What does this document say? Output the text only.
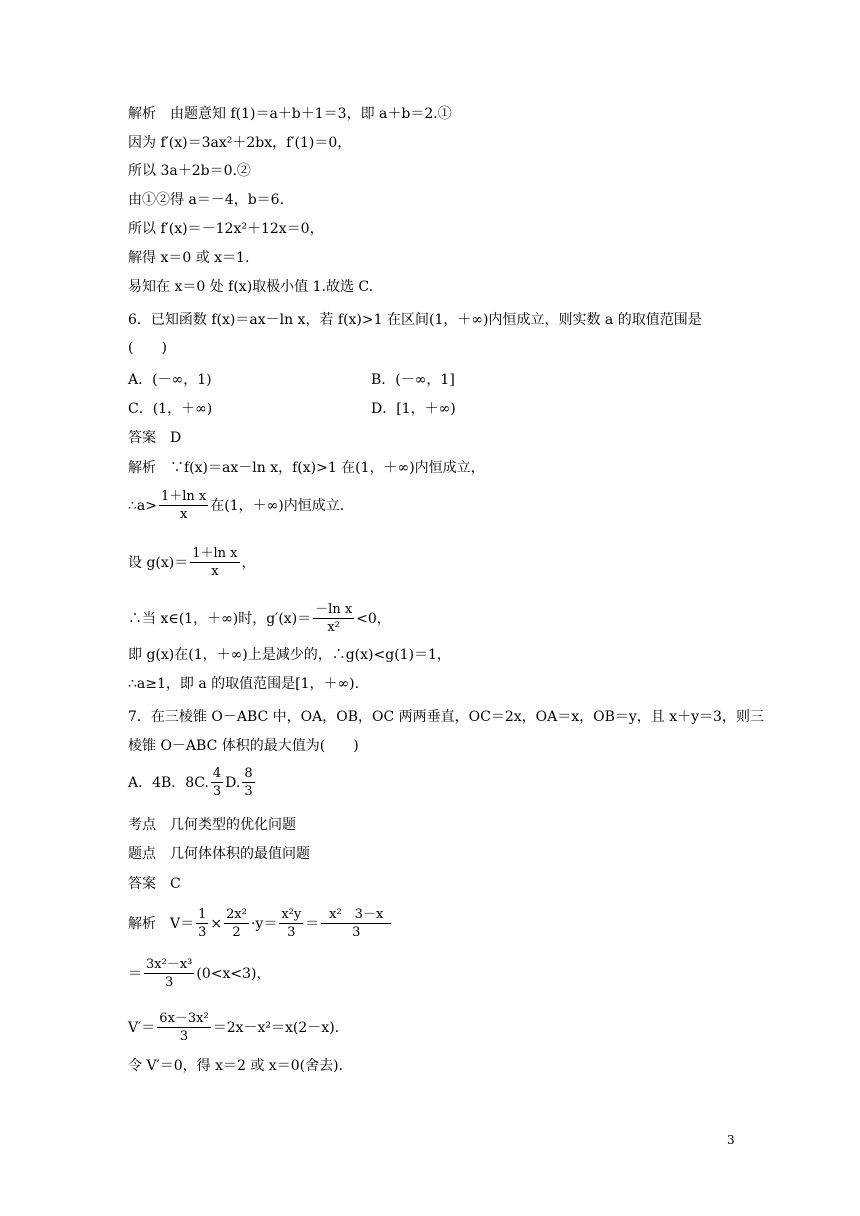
解析　由题意知 f(1)＝a＋b＋1＝3，即 a＋b＝2.①
因为 f′(x)＝3ax²＋2bx，f′(1)＝0，
所以 3a＋2b＝0.②
由①②得 a＝－4，b＝6.
所以 f′(x)＝－12x²＋12x＝0，
解得 x＝0 或 x＝1.
易知在 x＝0 处 f(x)取极小值 1.故选 C.
6．已知函数 f(x)＝ax－ln x，若 f(x)>1 在区间(1，＋∞)内恒成立，则实数 a 的取值范围是
(　　)
A．(－∞，1)	B．(－∞，1]
C．(1，＋∞)	D．[1，＋∞)
答案　D
解析　∵f(x)＝ax－ln x，f(x)>1 在(1，＋∞)内恒成立，
∴a> $\frac{\text{1＋ln x}}{x}$ 在(1，＋∞)内恒成立.
设 $g(x)= \frac{\text{1＋ln x}}{x}$ ，
∴当 x∈(1，＋∞)时，$g'(x)= \frac{\text{－ln x}}{\text{x²}} <0$，
即 g(x)在(1，＋∞)上是减少的，∴g(x)<g(1)＝1，
∴a≥1，即 a 的取值范围是[1，＋∞).
7．在三棱锥 O－ABC 中，OA，OB，OC 两两垂直，OC＝2x，OA＝x，OB＝y，且 x＋y＝3，则三
棱锥 O－ABC 体积的最大值为(　　)
A．4B．8C. $\frac{4}{3} D$. $\frac{8}{3}$
考点　几何类型的优化问题
题点　几何体体积的最值问题
答案　C
解析　$V= \frac{1}{3} \times \frac{\text{2x²}}{2} \cdot y= \frac{\text{x²y}}{3} = \frac{\text{x²　3－x}}{3}$
＝ $\frac{\text{3x²－x³}}{3} (0<x<3)$，
$V'= \frac{\text{6x－3x²}}{3} =2x-x^2=x(2-x)$.
令 V′＝0，得 x＝2 或 x＝0(舍去).
3
